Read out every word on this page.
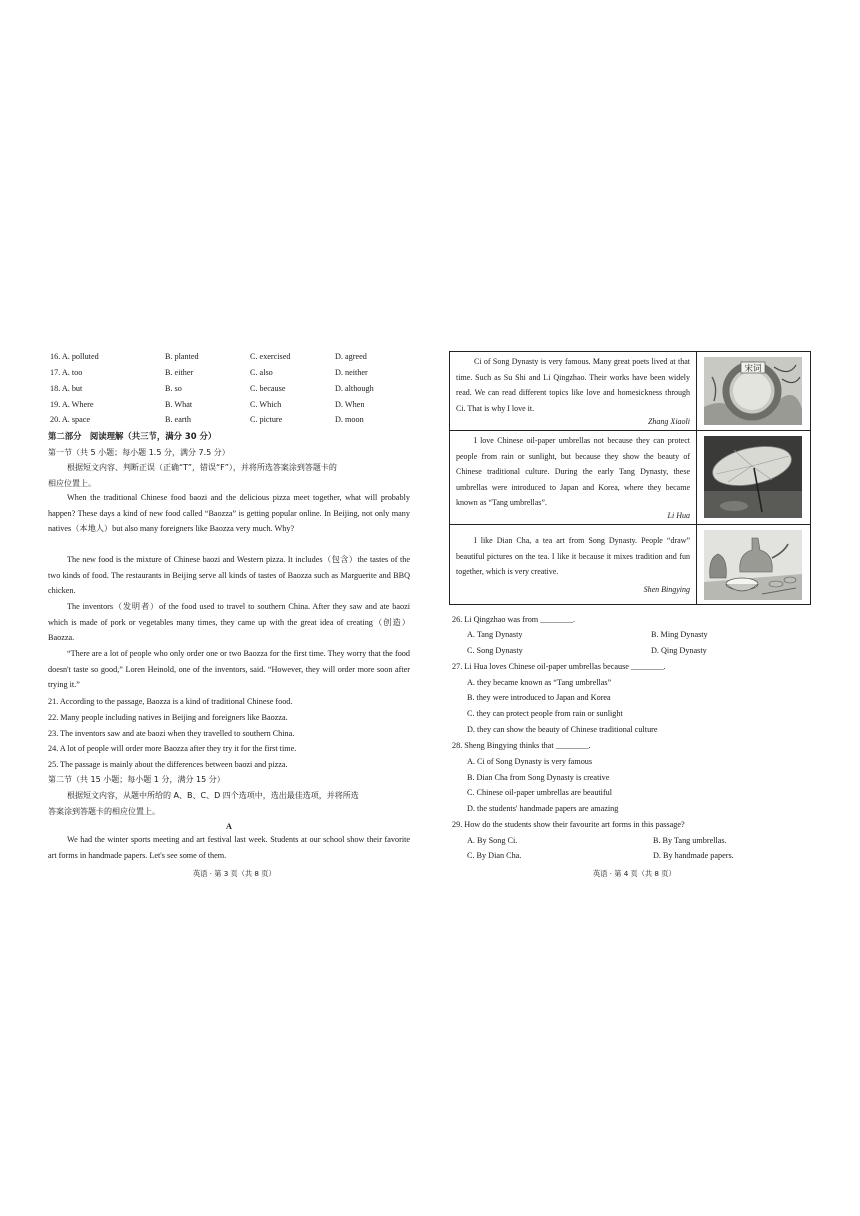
16. A. polluted	B. planted	C. exercised	D. agreed
17. A. too	B. either	C. also	D. neither
18. A. but	B. so	C. because	D. although
19. A. Where	B. What	C. Which	D. When
20. A. space	B. earth	C. picture	D. moon
第二部分　阅读理解（共三节，满分 30 分）
第一节（共 5 小题；每小题 1.5 分，满分 7.5 分）
根据短文内容、判断正误（正确“T”，错误“F”），并将所选答案涂到答题卡的
相应位置上。
When the traditional Chinese food baozi and the delicious pizza meet together, what will probably happen? These days a kind of new food called “Baozza” is getting popular online. In Beijing, not only many natives（本地人）but also many foreigners like Baozza very much. Why?
The new food is the mixture of Chinese baozi and Western pizza. It includes（包含）the tastes of the two kinds of food. The restaurants in Beijing serve all kinds of tastes of Baozza such as Marguerite and BBQ chicken.
The inventors（发明者）of the food used to travel to southern China. After they saw and ate baozi which is made of pork or vegetables many times, they came up with the great idea of creating（创造）Baozza.
“There are a lot of people who only order one or two Baozza for the first time. They worry that the food doesn't taste so good,” Loren Heinold, one of the inventors, said. “However, they will order more soon after trying it.”
21. According to the passage, Baozza is a kind of traditional Chinese food.
22. Many people including natives in Beijing and foreigners like Baozza.
23. The inventors saw and ate baozi when they travelled to southern China.
24. A lot of people will order more Baozza after they try it for the first time.
25. The passage is mainly about the differences between baozi and pizza.
第二节（共 15 小题；每小题 1 分，满分 15 分）
根据短文内容，从题中所给的 A、B、C、D 四个选项中，选出最佳选项，并将所选
答案涂到答题卡的相应位置上。
A
We had the winter sports meeting and art festival last week. Students at our school show their favorite art forms in handmade papers. Let's see some of them.
英语 · 第 3 页（共 8 页）

Ci of Song Dynasty is very famous. Many great poets lived at that time. Such as Su Shi and Li Qingzhao. Their works have been widely read. We can read different topics like love and homesickness through Ci. That is why I love it.

Zhang Xiaoli
宋词

I love Chinese oil-paper umbrellas not because they can protect people from rain or sunlight, but because they show the beauty of Chinese traditional culture. During the early Tang Dynasty, these umbrellas were introduced to Japan and Korea, where they became known as “Tang umbrellas”.

Li Hua

I like Dian Cha, a tea art from Song Dynasty. People “draw” beautiful pictures on the tea. I like it because it mixes tradition and fun together, which is very creative.

Shen Bingying
26. Li Qingzhao was from ________.
A. Tang Dynasty	B. Ming Dynasty
C. Song Dynasty	D. Qing Dynasty
27. Li Hua loves Chinese oil-paper umbrellas because ________.
A. they became known as “Tang umbrellas”
B. they were introduced to Japan and Korea
C. they can protect people from rain or sunlight
D. they can show the beauty of Chinese traditional culture
28. Sheng Bingying thinks that ________.
A. Ci of Song Dynasty is very famous
B. Dian Cha from Song Dynasty is creative
C. Chinese oil-paper umbrellas are beautiful
D. the students' handmade papers are amazing
29. How do the students show their favourite art forms in this passage?
A. By Song Ci.	B. By Tang umbrellas.
C. By Dian Cha.	D. By handmade papers.
英语 · 第 4 页（共 8 页）
